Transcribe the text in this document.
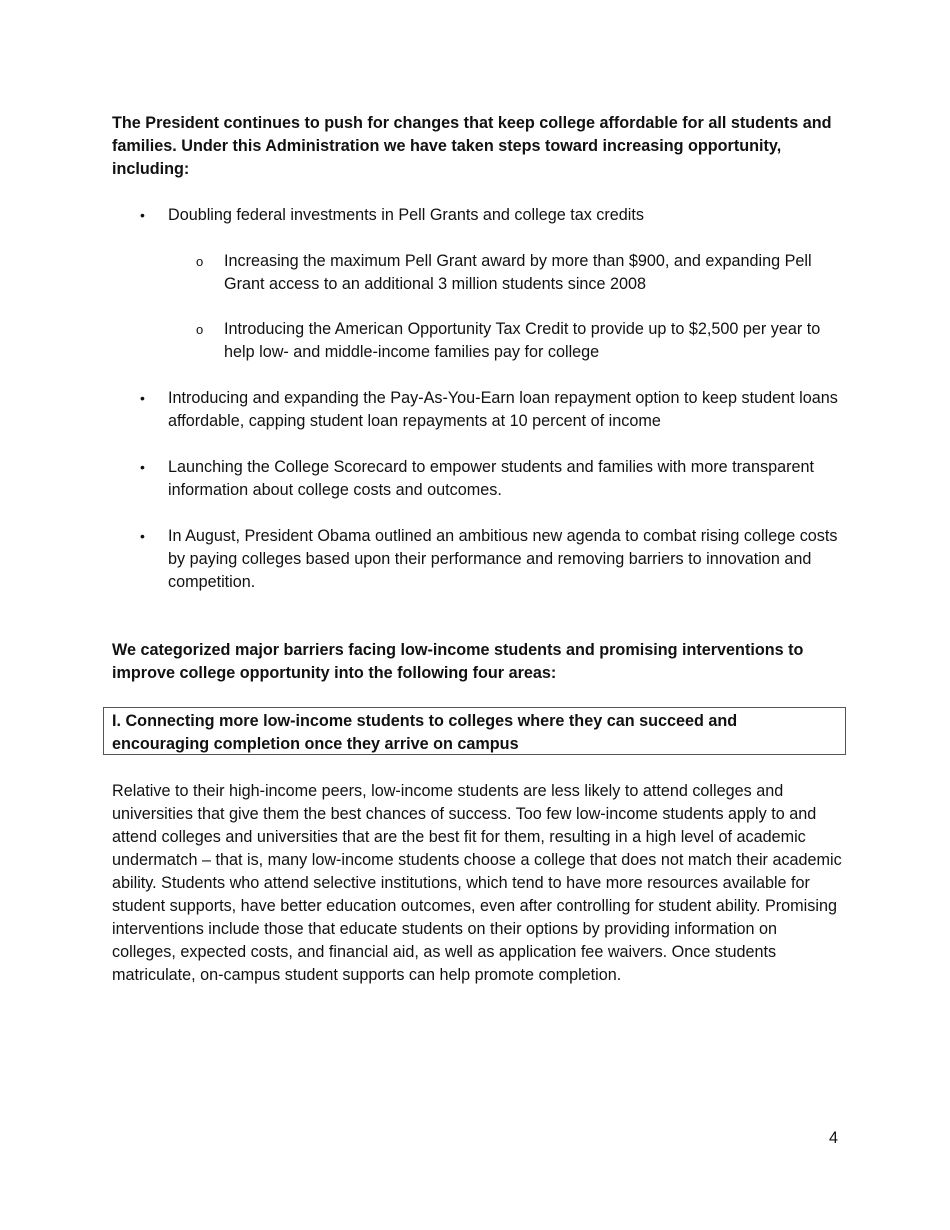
The President continues to push for changes that keep college affordable for all students and families. Under this Administration we have taken steps toward increasing opportunity, including:

•	Doubling federal investments in Pell Grants and college tax credits

o Increasing the maximum Pell Grant award by more than $900, and expanding Pell Grant access to an additional 3 million students since 2008

o Introducing the American Opportunity Tax Credit to provide up to $2,500 per year to help low- and middle-income families pay for college

•	Introducing and expanding the Pay-As-You-Earn loan repayment option to keep student loans affordable, capping student loan repayments at 10 percent of income

•	Launching the College Scorecard to empower students and families with more transparent information about college costs and outcomes.

•	In August, President Obama outlined an ambitious new agenda to combat rising college costs by paying colleges based upon their performance and removing barriers to innovation and competition.

We categorized major barriers facing low-income students and promising interventions to improve college opportunity into the following four areas:

I. Connecting more low-income students to colleges where they can succeed and encouraging completion once they arrive on campus

Relative to their high-income peers, low-income students are less likely to attend colleges and universities that give them the best chances of success. Too few low-income students apply to and attend colleges and universities that are the best fit for them, resulting in a high level of academic undermatch – that is, many low-income students choose a college that does not match their academic ability. Students who attend selective institutions, which tend to have more resources available for student supports, have better education outcomes, even after controlling for student ability. Promising interventions include those that educate students on their options by providing information on colleges, expected costs, and financial aid, as well as application fee waivers. Once students matriculate, on-campus student supports can help promote completion.

4
